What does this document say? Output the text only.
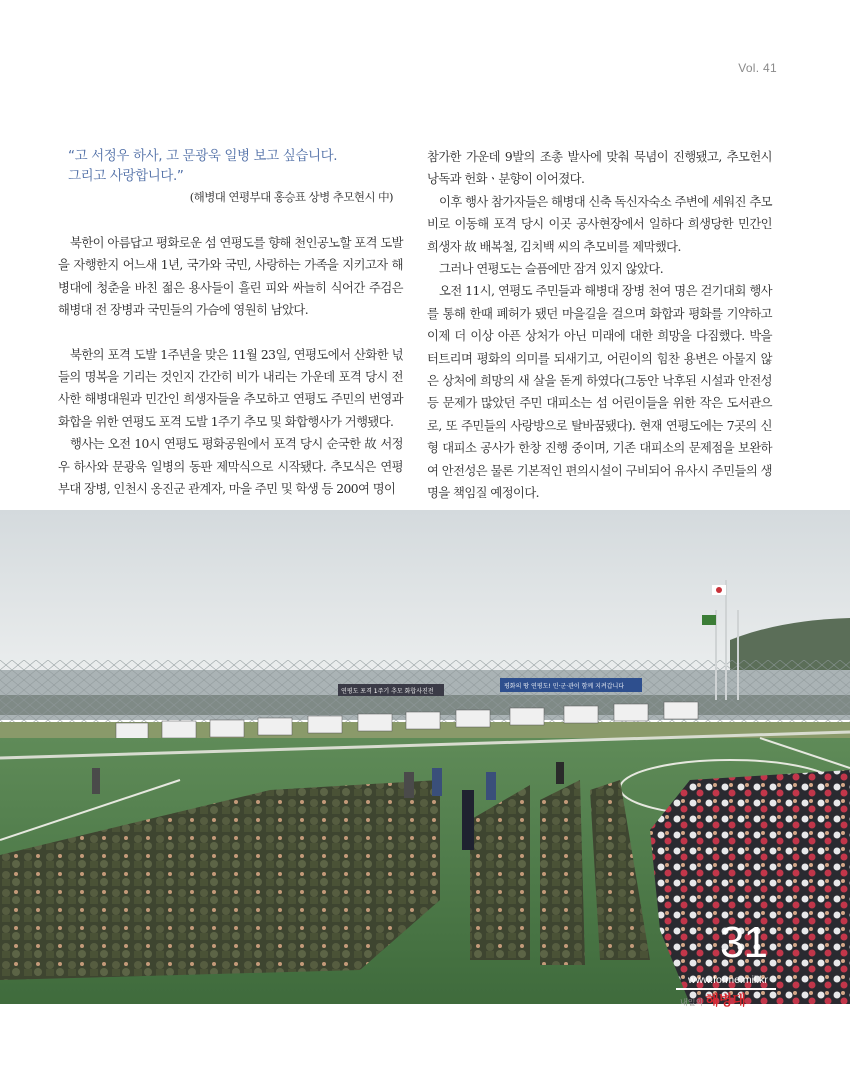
Vol. 41
“고 서정우 하사, 고 문광욱 일병 보고 싶습니다.
그리고 사랑합니다.”
(해병대 연평부대 홍승표 상병 추모현시 中)

북한이 아름답고 평화로운 섬 연평도를 향해 천인공노할 포격 도발을 자행한지 어느새 1년, 국가와 국민, 사랑하는 가족을 지키고자 해병대에 청춘을 바친 젊은 용사들이 흘린 피와 싸늘히 식어간 주검은 해병대 전 장병과 국민들의 가슴에 영원히 남았다.

북한의 포격 도발 1주년을 맞은 11월 23일, 연평도에서 산화한 넋들의 명복을 기리는 것인지 간간히 비가 내리는 가운데 포격 당시 전사한 해병대원과 민간인 희생자들을 추모하고 연평도 주민의 번영과 화합을 위한 연평도 포격 도발 1주기 추모 및 화합행사가 거행됐다.

행사는 오전 10시 연평도 평화공원에서 포격 당시 순국한 故 서정우 하사와 문광욱 일병의 동판 제막식으로 시작됐다. 추모식은 연평부대 장병, 인천시 옹진군 관계자, 마을 주민 및 학생 등 200여 명이

참가한 가운데 9발의 조총 발사에 맞춰 묵념이 진행됐고, 추모헌시 낭독과 헌화ㆍ분향이 이어졌다.

이후 행사 참가자들은 해병대 신축 독신자숙소 주변에 세워진 추모비로 이동해 포격 당시 이곳 공사현장에서 일하다 희생당한 민간인 희생자 故 배복철, 김치백 씨의 추모비를 제막했다.

그러나 연평도는 슬픔에만 잠겨 있지 않았다.

오전 11시, 연평도 주민들과 해병대 장병 천여 명은 걷기대회 행사를 통해 한때 폐허가 됐던 마을길을 걸으며 화합과 평화를 기약하고 이제 더 이상 아픈 상처가 아닌 미래에 대한 희망을 다짐했다. 박을 터트리며 평화의 의미를 되새기고, 어린이의 힘찬 용변은 아물지 않은 상처에 희망의 새 살을 돋게 하였다(그동안 낙후된 시설과 안전성 등 문제가 많았던 주민 대피소는 섬 어린이들을 위한 작은 도서관으로, 또 주민들의 사랑방으로 탈바꿈됐다). 현재 연평도에는 7곳의 신형 대피소 공사가 한창 진행 중이며, 기존 대피소의 문제점을 보완하여 안전성은 물론 기본적인 편의시설이 구비되어 유사시 주민들의 생명을 책임질 예정이다.

연평도 포격 1주기 추모 화합사진전
평화의 땅 연평도! 민·군·관이 함께 지켜갑니다
31
www.forme.mil.kr
내일의 해병대
